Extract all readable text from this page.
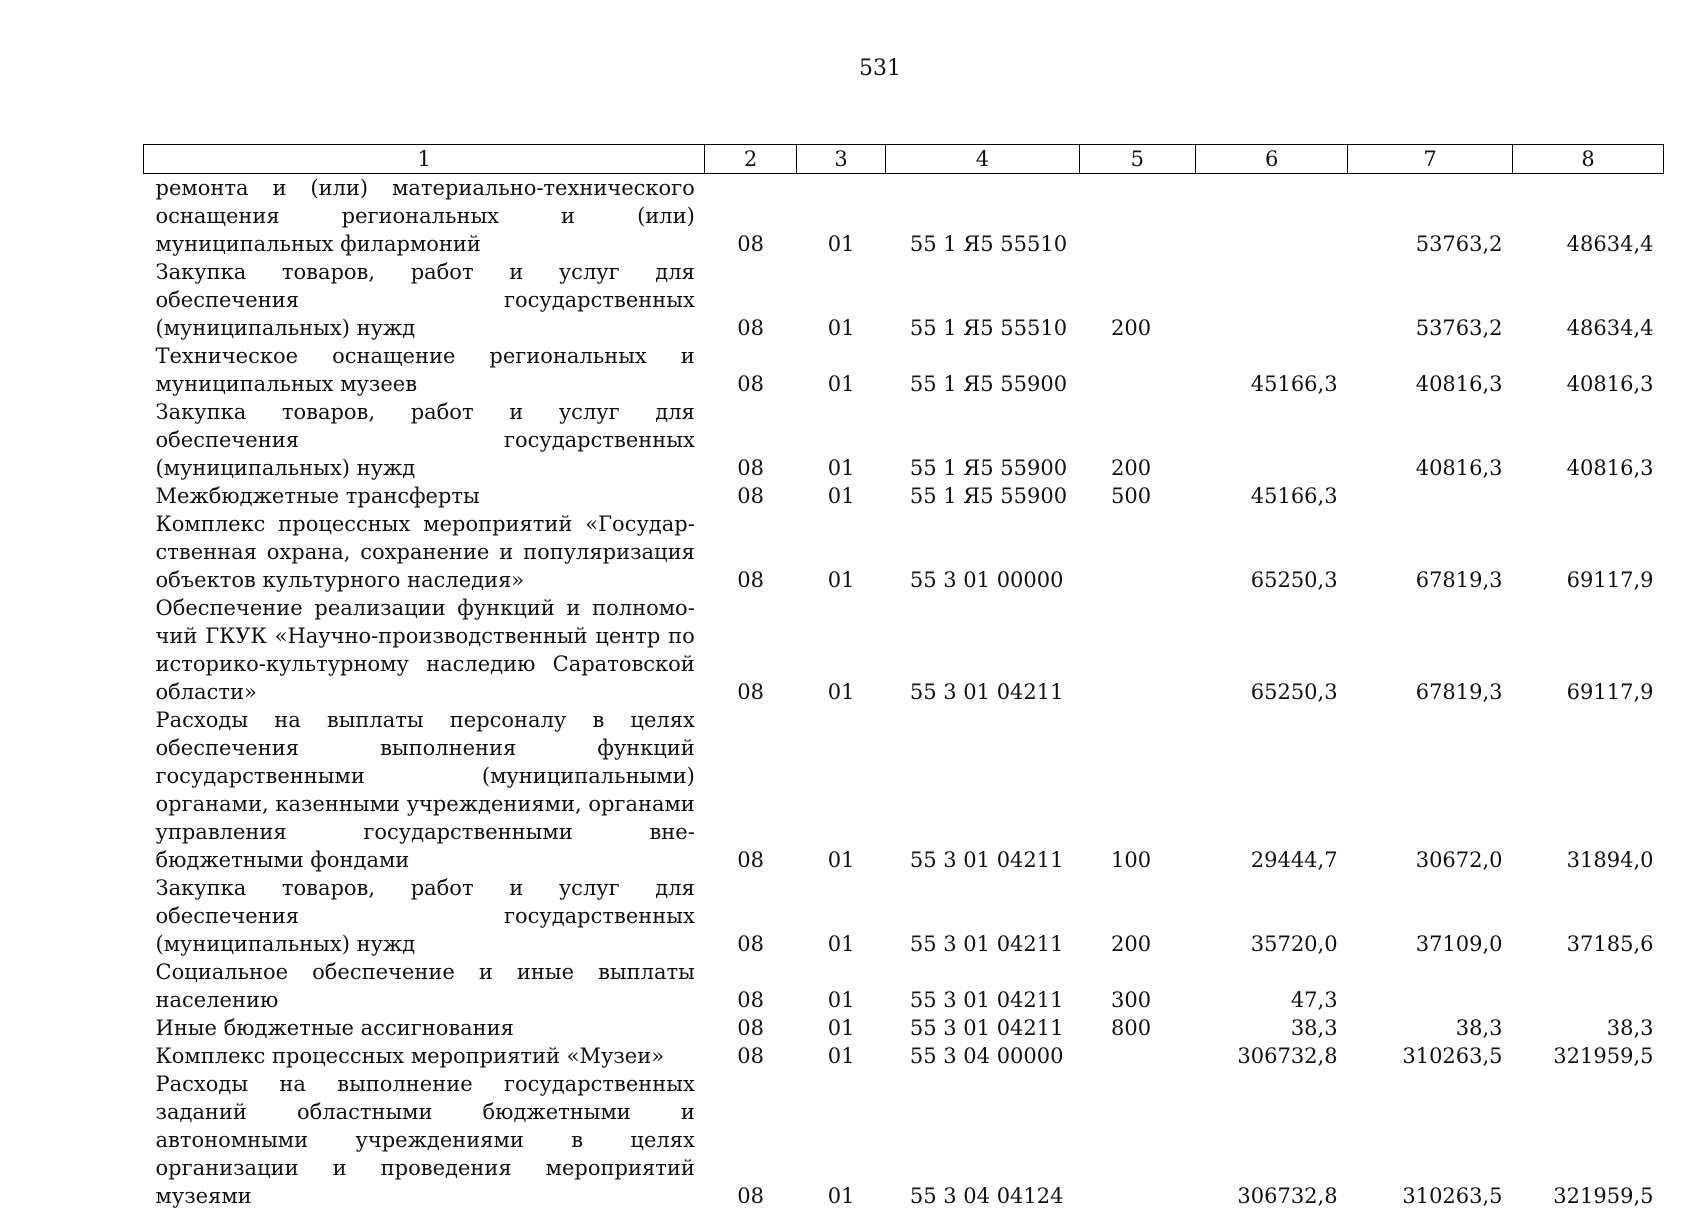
531
1	2	3	4	5	6	7	8
ремонта и (или) материально-технического оснащения региональных и (или) муниципальных филармоний	08	01	55 1 Я5 55510			53763,2	48634,4
Закупка товаров, работ и услуг для обеспечения государственных (муниципальных) нужд	08	01	55 1 Я5 55510	200		53763,2	48634,4
Техническое оснащение региональных и муниципальных музеев	08	01	55 1 Я5 55900		45166,3	40816,3	40816,3
Закупка товаров, работ и услуг для обеспечения государственных (муниципальных) нужд	08	01	55 1 Я5 55900	200		40816,3	40816,3
Межбюджетные трансферты	08	01	55 1 Я5 55900	500	45166,3		
Комплекс процессных мероприятий «Государственная охрана, сохранение и популяризация объектов культурного наследия»	08	01	55 3 01 00000		65250,3	67819,3	69117,9
Обеспечение реализации функций и полномочий ГКУК «Научно-производственный центр по историко-культурному наследию Саратовской области»	08	01	55 3 01 04211		65250,3	67819,3	69117,9
Расходы на выплаты персоналу в целях обеспечения выполнения функций государственными (муниципальными) органами, казенными учреждениями, органами управления государственными внебюджетными фондами	08	01	55 3 01 04211	100	29444,7	30672,0	31894,0
Закупка товаров, работ и услуг для обеспечения государственных (муниципальных) нужд	08	01	55 3 01 04211	200	35720,0	37109,0	37185,6
Социальное обеспечение и иные выплаты населению	08	01	55 3 01 04211	300	47,3		
Иные бюджетные ассигнования	08	01	55 3 01 04211	800	38,3	38,3	38,3
Комплекс процессных мероприятий «Музеи»	08	01	55 3 04 00000		306732,8	310263,5	321959,5
Расходы на выполнение государственных заданий областными бюджетными и автономными учреждениями в целях организации и проведения мероприятий музеями	08	01	55 3 04 04124		306732,8	310263,5	321959,5
